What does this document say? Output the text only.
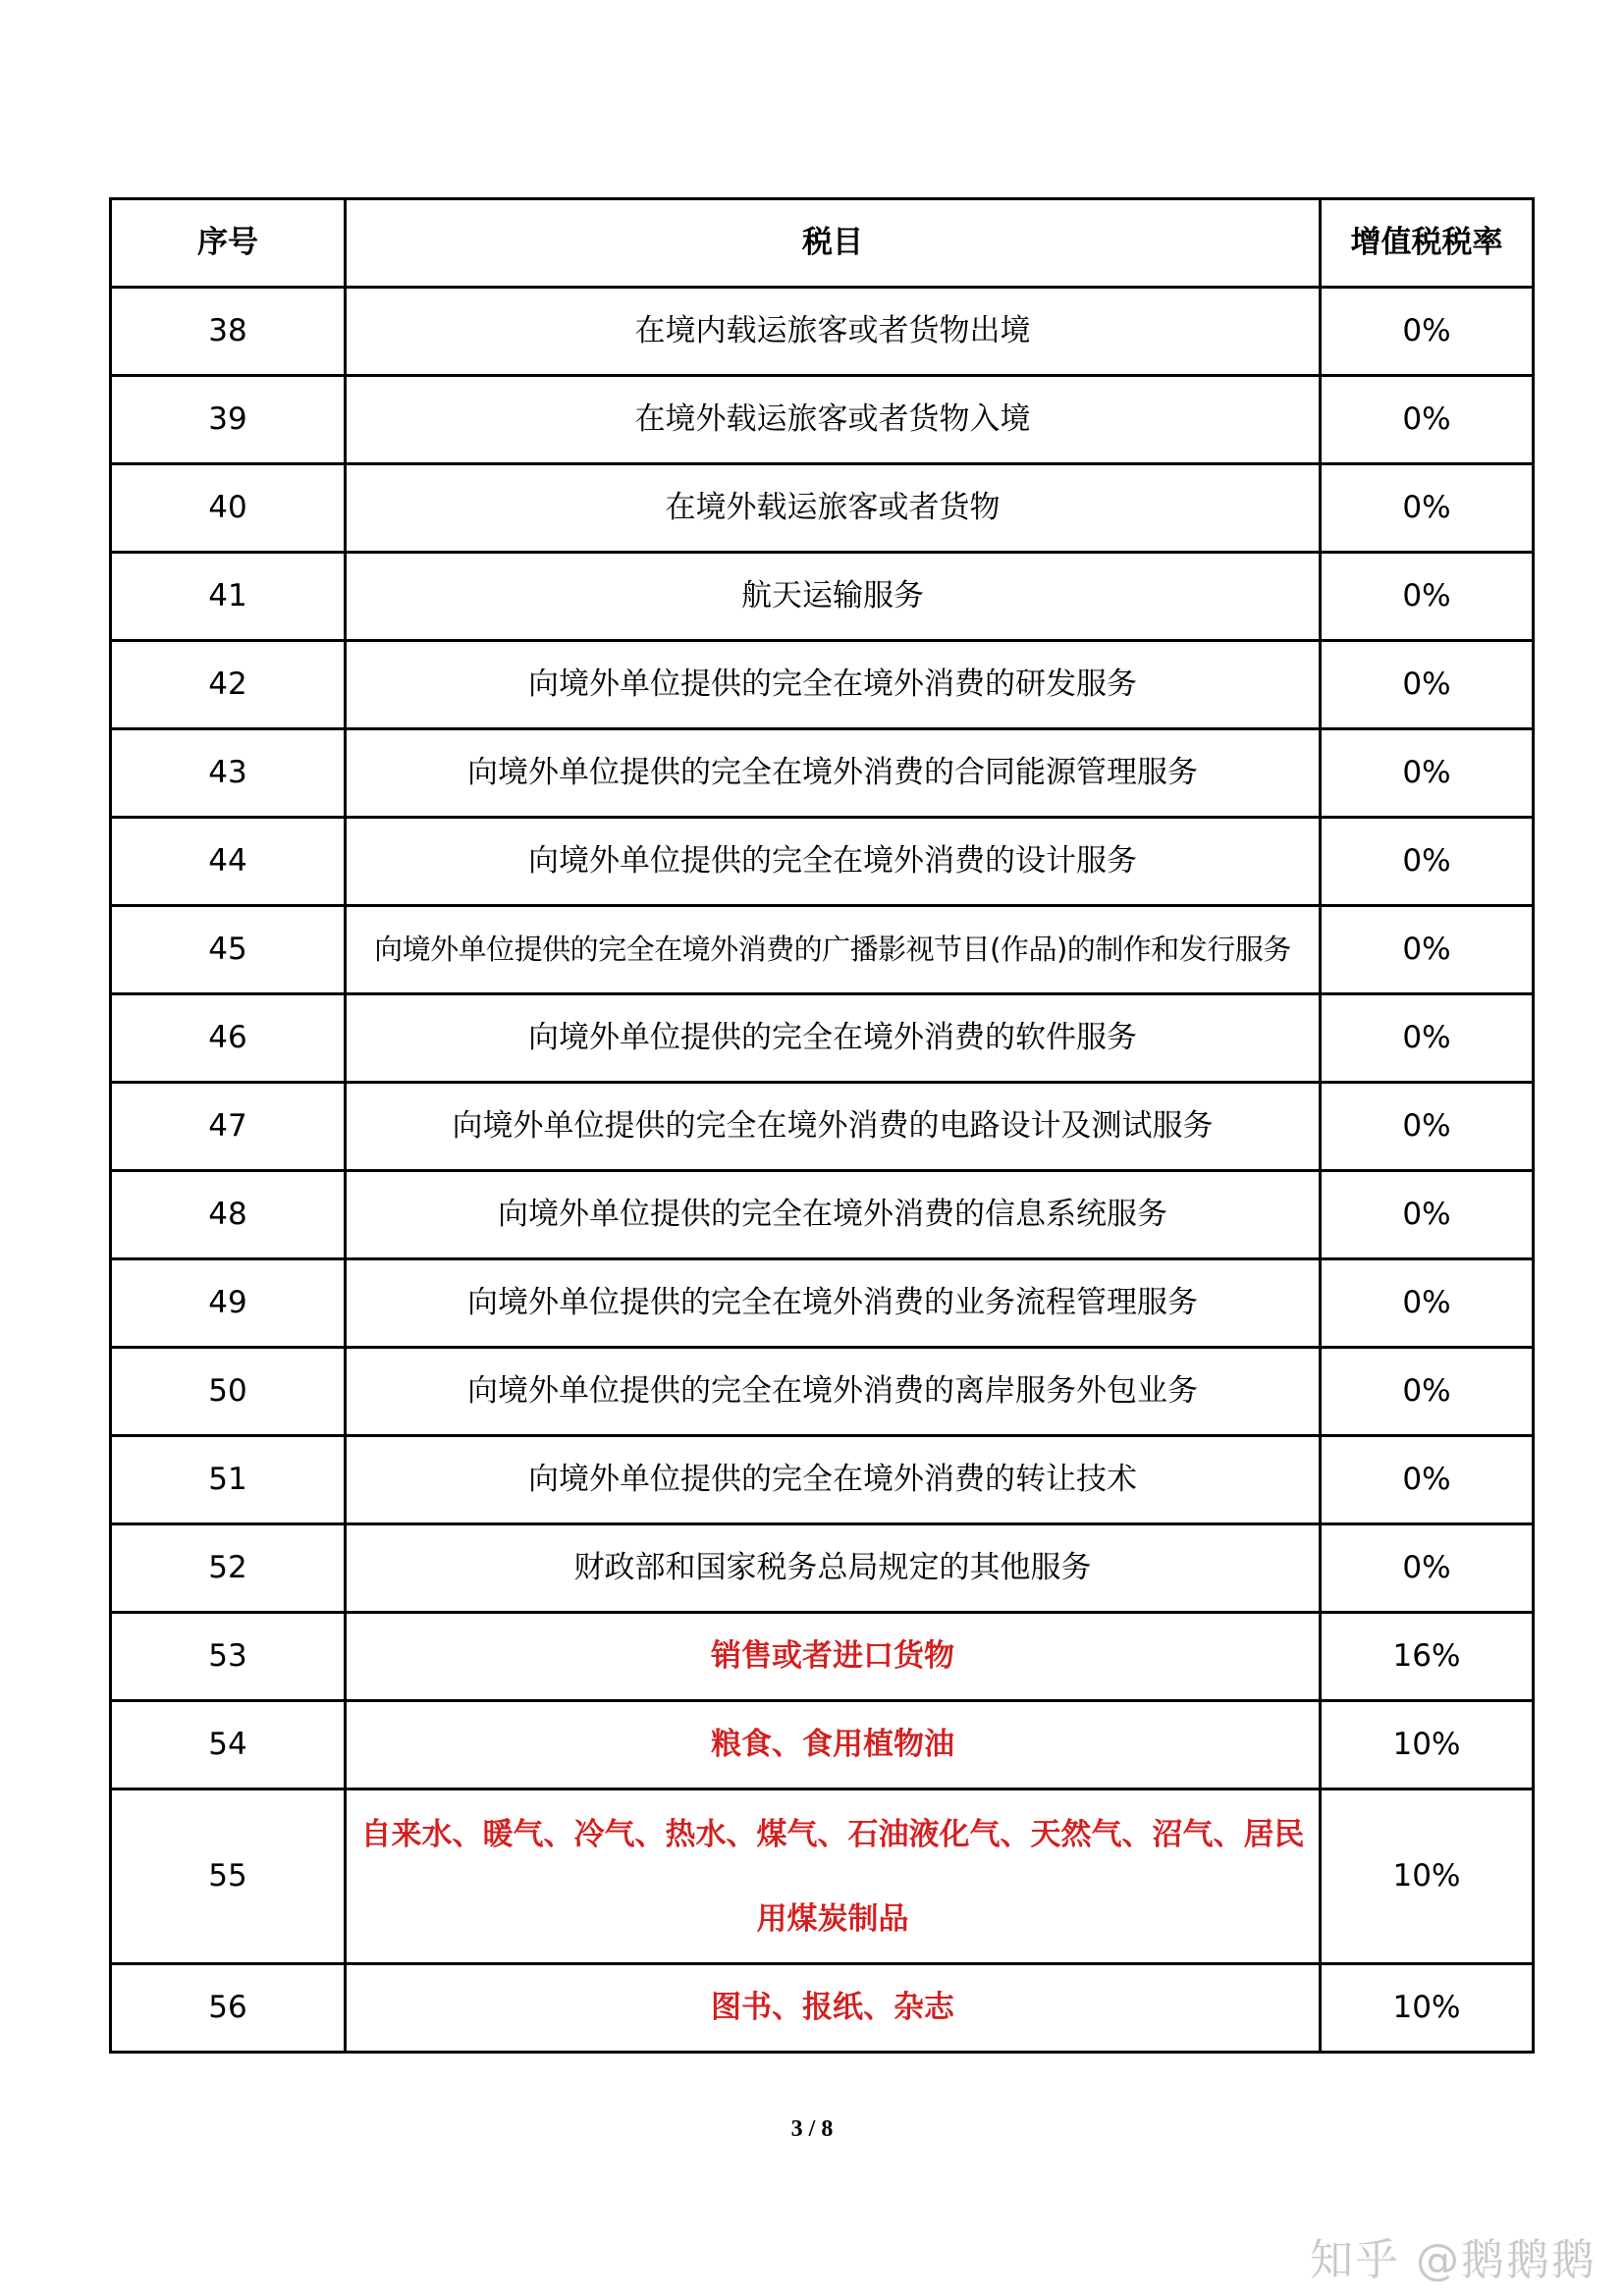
序号	税目	增值税税率
38	在境内载运旅客或者货物出境	0%
39	在境外载运旅客或者货物入境	0%
40	在境外载运旅客或者货物	0%
41	航天运输服务	0%
42	向境外单位提供的完全在境外消费的研发服务	0%
43	向境外单位提供的完全在境外消费的合同能源管理服务	0%
44	向境外单位提供的完全在境外消费的设计服务	0%
45	向境外单位提供的完全在境外消费的广播影视节目(作品)的制作和发行服务	0%
46	向境外单位提供的完全在境外消费的软件服务	0%
47	向境外单位提供的完全在境外消费的电路设计及测试服务	0%
48	向境外单位提供的完全在境外消费的信息系统服务	0%
49	向境外单位提供的完全在境外消费的业务流程管理服务	0%
50	向境外单位提供的完全在境外消费的离岸服务外包业务	0%
51	向境外单位提供的完全在境外消费的转让技术	0%
52	财政部和国家税务总局规定的其他服务	0%
53	销售或者进口货物	16%
54	粮食、食用植物油	10%
55	自来水、暖气、冷气、热水、煤气、石油液化气、天然气、沼气、居民用煤炭制品	10%
56	图书、报纸、杂志	10%
3 / 8
知乎 @鹅鹅鹅
